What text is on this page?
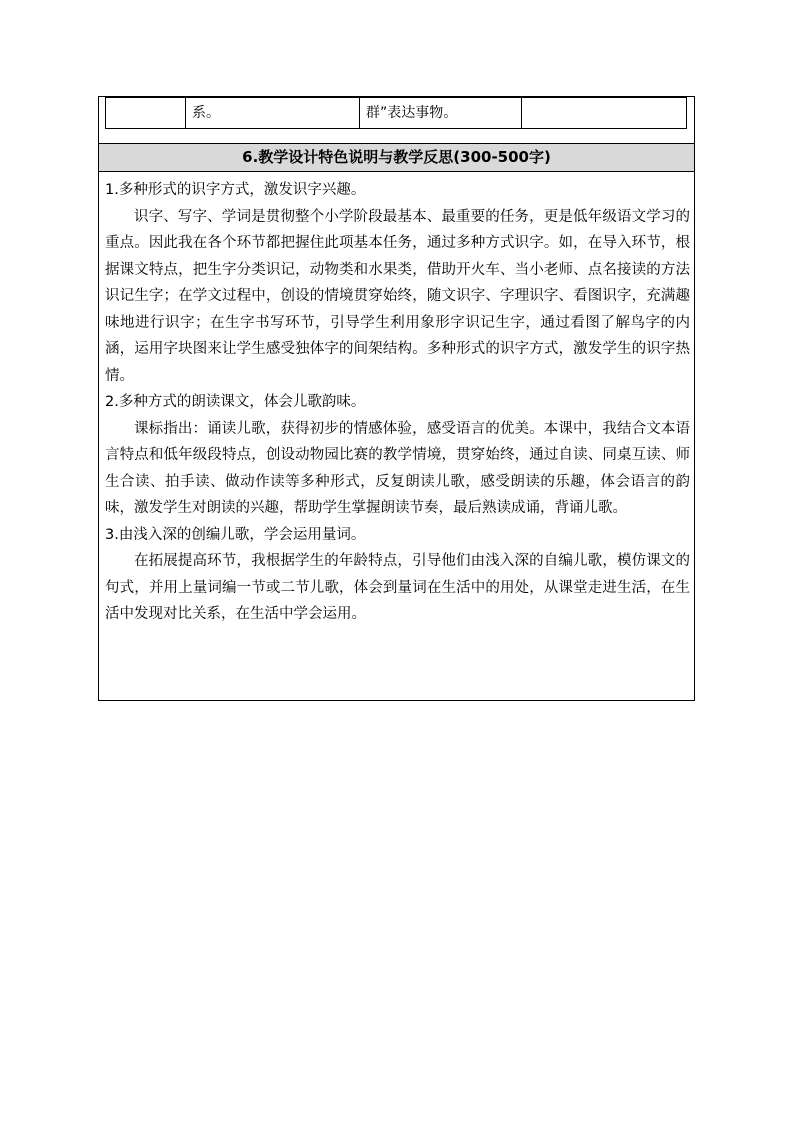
系。	群”表达事物。
6.教学设计特色说明与教学反思(300-500字)

1.多种形式的识字方式，激发识字兴趣。

识字、写字、学词是贯彻整个小学阶段最基本、最重要的任务，更是低年级语文学习的重点。因此我在各个环节都把握住此项基本任务，通过多种方式识字。如，在导入环节，根据课文特点，把生字分类识记，动物类和水果类，借助开火车、当小老师、点名接读的方法识记生字；在学文过程中，创设的情境贯穿始终，随文识字、字理识字、看图识字，充满趣味地进行识字；在生字书写环节，引导学生利用象形字识记生字，通过看图了解鸟字的内涵，运用字块图来让学生感受独体字的间架结构。多种形式的识字方式，激发学生的识字热情。

2.多种方式的朗读课文，体会儿歌韵味。

课标指出：诵读儿歌，获得初步的情感体验，感受语言的优美。本课中，我结合文本语言特点和低年级段特点，创设动物园比赛的教学情境，贯穿始终，通过自读、同桌互读、师生合读、拍手读、做动作读等多种形式，反复朗读儿歌，感受朗读的乐趣，体会语言的韵味，激发学生对朗读的兴趣，帮助学生掌握朗读节奏，最后熟读成诵，背诵儿歌。

3.由浅入深的创编儿歌，学会运用量词。

在拓展提高环节，我根据学生的年龄特点，引导他们由浅入深的自编儿歌，模仿课文的句式，并用上量词编一节或二节儿歌，体会到量词在生活中的用处，从课堂走进生活，在生活中发现对比关系，在生活中学会运用。
